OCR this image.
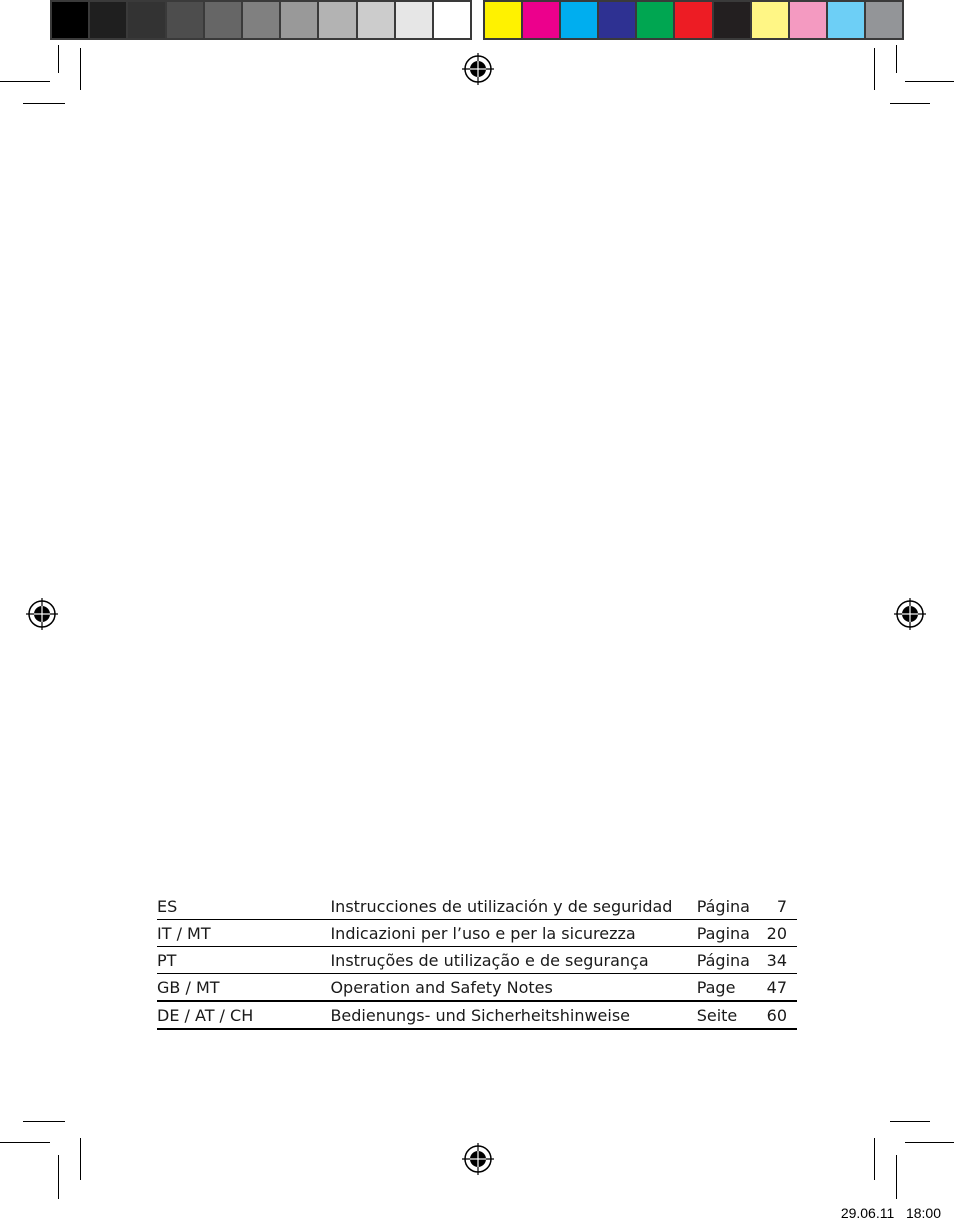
ES	Instrucciones de utilización y de seguridad	Página	7
IT / MT	Indicazioni per l’uso e per la sicurezza	Pagina	20
PT	Instruções de utilização e de segurança	Página	34
GB / MT	Operation and Safety Notes	Page	47
DE / AT / CH	Bedienungs- und Sicherheitshinweise	Seite	60
29.06.11 18:00
